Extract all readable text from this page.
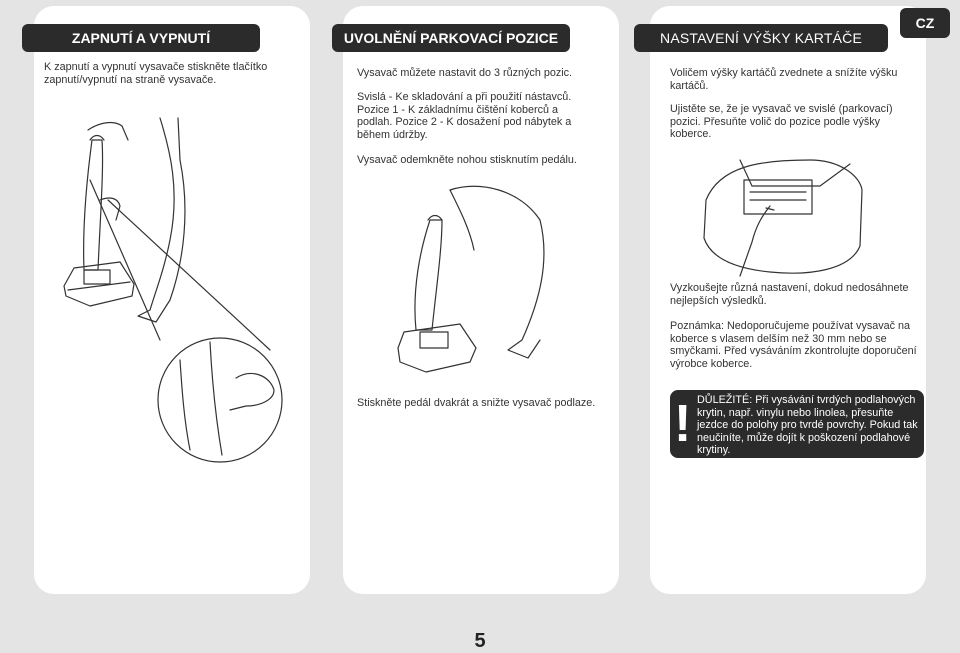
CZ
ZAPNUTÍ A VYPNUTÍ
K zapnutí a vypnutí vysavače stiskněte tlačítko zapnutí/vypnutí na straně vysavače.
UVOLNĚNÍ PARKOVACÍ POZICE
Vysavač můžete nastavit do 3 různých pozic.
Svislá - Ke skladování a při použití nástavců. Pozice 1 - K základnímu čištění koberců a podlah. Pozice 2 - K dosažení pod nábytek a během údržby.
Vysavač odemkněte nohou stisknutím pedálu.
Stiskněte pedál dvakrát a snižte vysavač podlaze.
NASTAVENÍ VÝŠKY KARTÁČE
Voličem výšky kartáčů zvednete a snížíte výšku kartáčů.
Ujistěte se, že je vysavač ve svislé (parkovací) pozici. Přesuňte volič do pozice podle výšky koberce.
Vyzkoušejte různá nastavení, dokud nedosáhnete nejlepších výsledků.
Poznámka: Nedoporučujeme používat vysavač na koberce s vlasem delším než 30 mm nebo se smyčkami. Před vysáváním zkontrolujte doporučení výrobce koberce.
! DŮLEŽITÉ: Při vysávání tvrdých podlahových krytin, např. vinylu nebo linolea, přesuňte jezdce do polohy pro tvrdé povrchy. Pokud tak neučiníte, může dojít k poškození podlahové krytiny.
5
